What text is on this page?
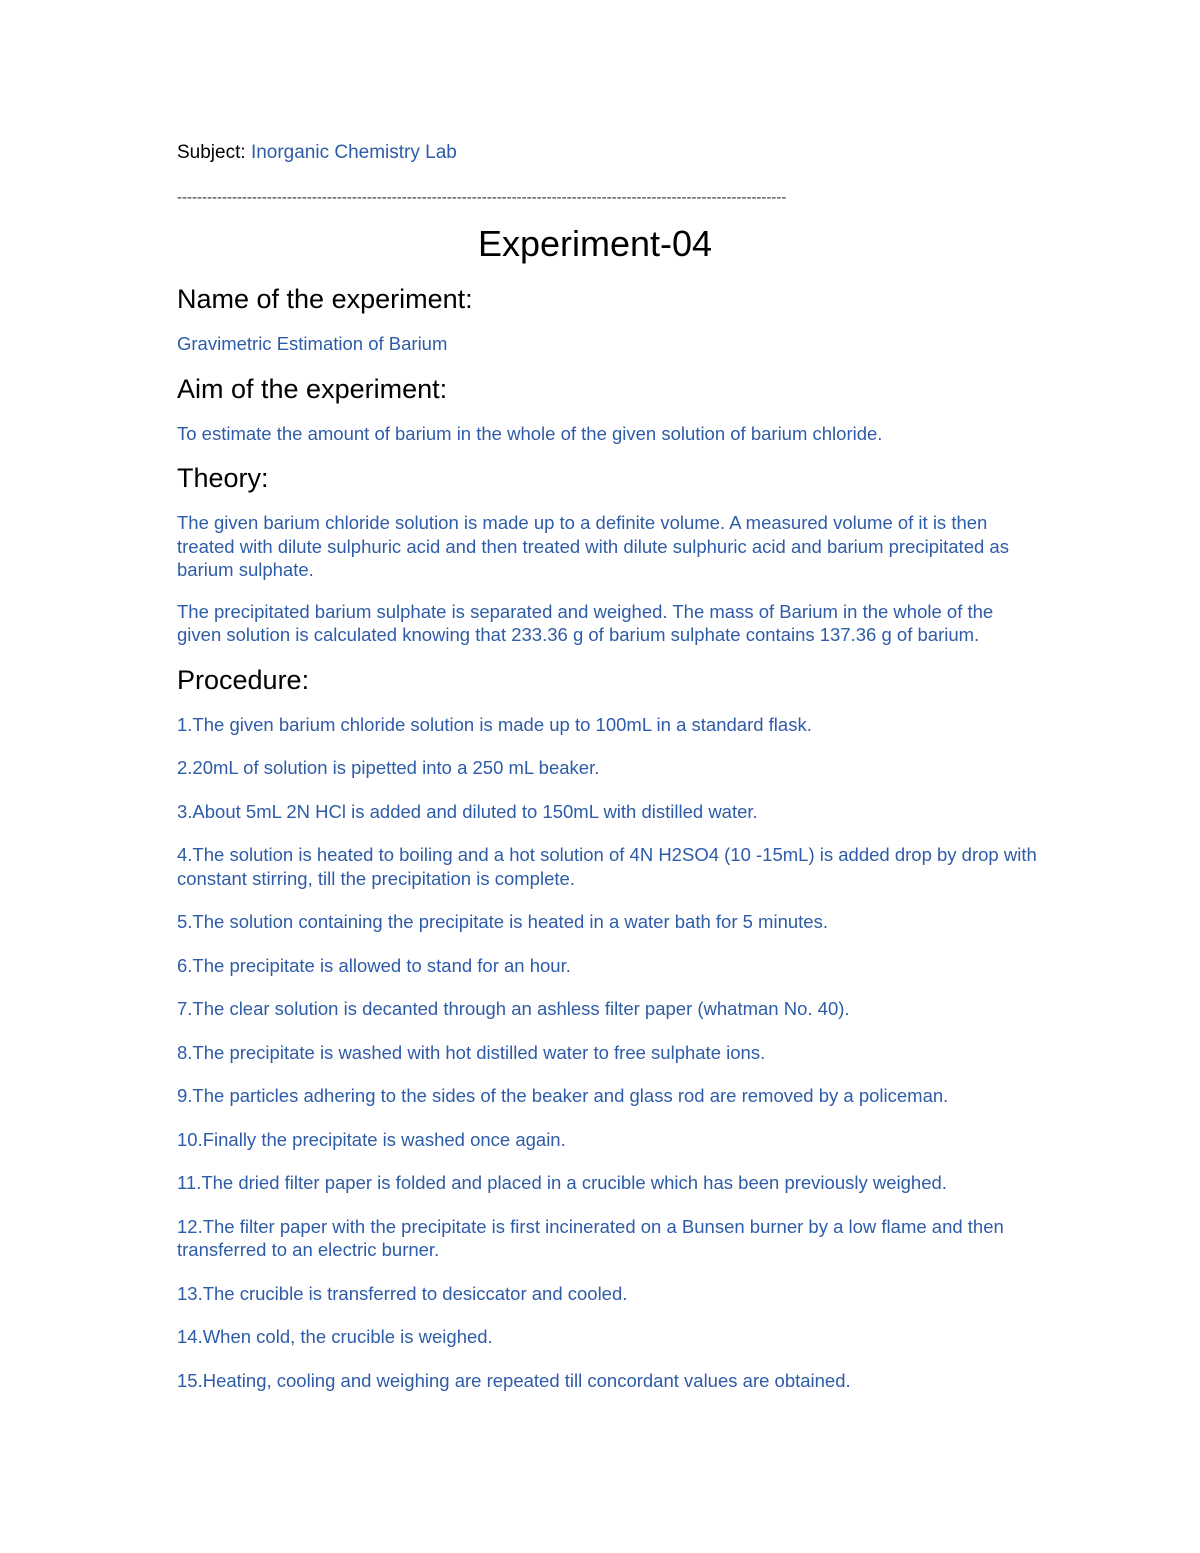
Subject: Inorganic Chemistry Lab

--------------------------------------------------------------------------------------------------------------------------
Experiment-04
Name of the experiment:

Gravimetric Estimation of Barium

Aim of the experiment:

To estimate the amount of barium in the whole of the given solution of barium chloride.

Theory:

The given barium chloride solution is made up to a definite volume. A measured volume of it is then treated with dilute sulphuric acid and then treated with dilute sulphuric acid and barium precipitated as barium sulphate.

The precipitated barium sulphate is separated and weighed. The mass of Barium in the whole of the given solution is calculated knowing that 233.36 g of barium sulphate contains 137.36 g of barium.

Procedure:

1.The given barium chloride solution is made up to 100mL in a standard flask.

2.20mL of solution is pipetted into a 250 mL beaker.

3.About 5mL 2N HCl is added and diluted to 150mL with distilled water.

4.The solution is heated to boiling and a hot solution of 4N H2SO4 (10 -15mL) is added drop by drop with constant stirring, till the precipitation is complete.

5.The solution containing the precipitate is heated in a water bath for 5 minutes.

6.The precipitate is allowed to stand for an hour.

7.The clear solution is decanted through an ashless filter paper (whatman No. 40).

8.The precipitate is washed with hot distilled water to free sulphate ions.

9.The particles adhering to the sides of the beaker and glass rod are removed by a policeman.

10.Finally the precipitate is washed once again.

11.The dried filter paper is folded and placed in a crucible which has been previously weighed.

12.The filter paper with the precipitate is first incinerated on a Bunsen burner by a low flame and then transferred to an electric burner.

13.The crucible is transferred to desiccator and cooled.

14.When cold, the crucible is weighed.

15.Heating, cooling and weighing are repeated till concordant values are obtained.
